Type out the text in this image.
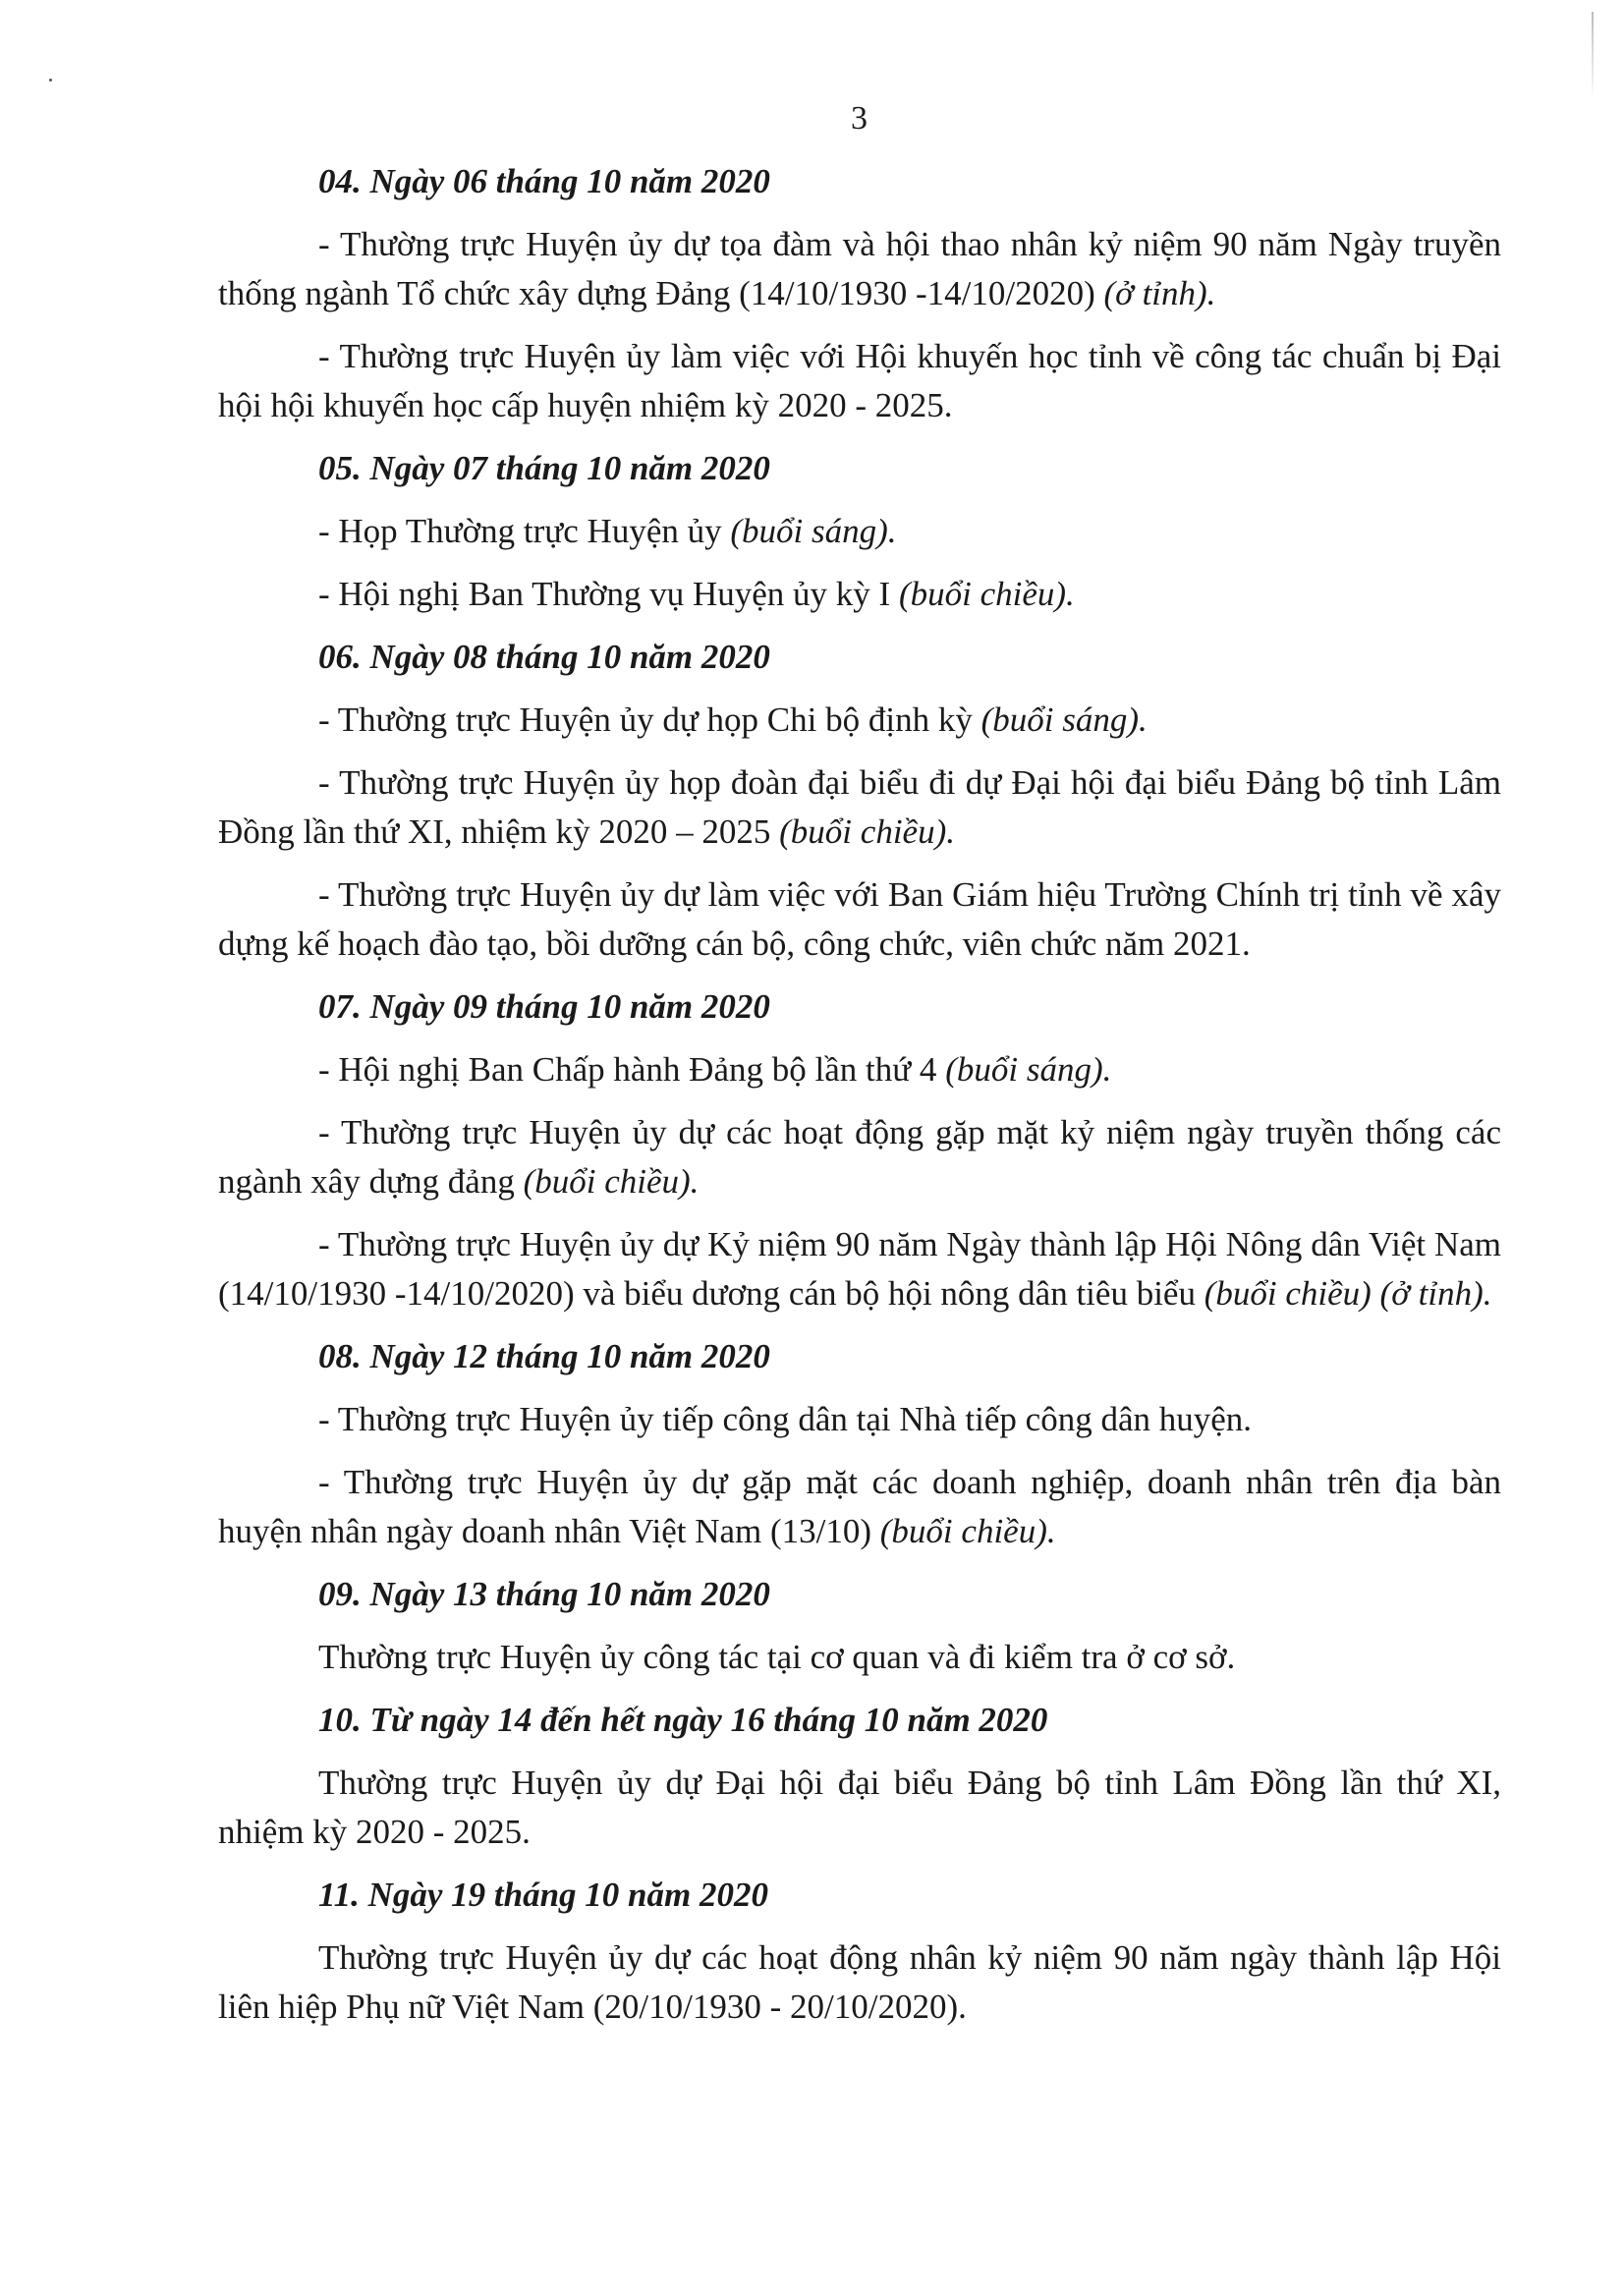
3
04. Ngày 06 tháng 10 năm 2020
- Thường trực Huyện ủy dự tọa đàm và hội thao nhân kỷ niệm 90 năm Ngày truyền thống ngành Tổ chức xây dựng Đảng (14/10/1930 -14/10/2020) (ở tỉnh).
- Thường trực Huyện ủy làm việc với Hội khuyến học tỉnh về công tác chuẩn bị Đại hội hội khuyến học cấp huyện nhiệm kỳ 2020 - 2025.
05. Ngày 07 tháng 10 năm 2020
- Họp Thường trực Huyện ủy (buổi sáng).
- Hội nghị Ban Thường vụ Huyện ủy kỳ I (buổi chiều).
06. Ngày 08 tháng 10 năm 2020
- Thường trực Huyện ủy dự họp Chi bộ định kỳ (buổi sáng).
- Thường trực Huyện ủy họp đoàn đại biểu đi dự Đại hội đại biểu Đảng bộ tỉnh Lâm Đồng lần thứ XI, nhiệm kỳ 2020 – 2025 (buổi chiều).
- Thường trực Huyện ủy dự làm việc với Ban Giám hiệu Trường Chính trị tỉnh về xây dựng kế hoạch đào tạo, bồi dưỡng cán bộ, công chức, viên chức năm 2021.
07. Ngày 09 tháng 10 năm 2020
- Hội nghị Ban Chấp hành Đảng bộ lần thứ 4 (buổi sáng).
- Thường trực Huyện ủy dự các hoạt động gặp mặt kỷ niệm ngày truyền thống các ngành xây dựng đảng (buổi chiều).
- Thường trực Huyện ủy dự Kỷ niệm 90 năm Ngày thành lập Hội Nông dân Việt Nam (14/10/1930 -14/10/2020) và biểu dương cán bộ hội nông dân tiêu biểu (buổi chiều) (ở tỉnh).
08. Ngày 12 tháng 10 năm 2020
- Thường trực Huyện ủy tiếp công dân tại Nhà tiếp công dân huyện.
- Thường trực Huyện ủy dự gặp mặt các doanh nghiệp, doanh nhân trên địa bàn huyện nhân ngày doanh nhân Việt Nam (13/10) (buổi chiều).
09. Ngày 13 tháng 10 năm 2020
Thường trực Huyện ủy công tác tại cơ quan và đi kiểm tra ở cơ sở.
10. Từ ngày 14 đến hết ngày 16 tháng 10 năm 2020
Thường trực Huyện ủy dự Đại hội đại biểu Đảng bộ tỉnh Lâm Đồng lần thứ XI, nhiệm kỳ 2020 - 2025.
11. Ngày 19 tháng 10 năm 2020
Thường trực Huyện ủy dự các hoạt động nhân kỷ niệm 90 năm ngày thành lập Hội liên hiệp Phụ nữ Việt Nam (20/10/1930 - 20/10/2020).
